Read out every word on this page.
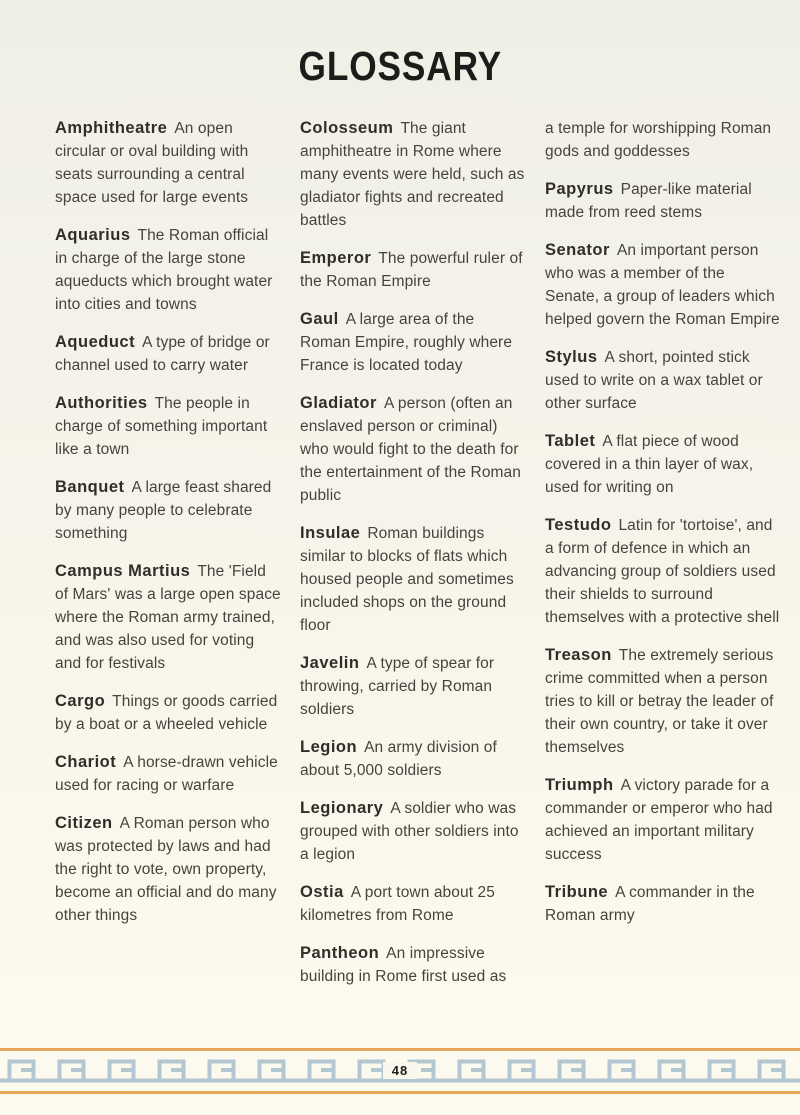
GLOSSARY

Amphitheatre An open circular or oval building with seats surrounding a central space used for large events

Aquarius The Roman official in charge of the large stone aqueducts which brought water into cities and towns

Aqueduct A type of bridge or channel used to carry water

Authorities The people in charge of something important like a town

Banquet A large feast shared by many people to celebrate something

Campus Martius The 'Field of Mars' was a large open space where the Roman army trained, and was also used for voting and for festivals

Cargo Things or goods carried by a boat or a wheeled vehicle

Chariot A horse-drawn vehicle used for racing or warfare

Citizen A Roman person who was protected by laws and had the right to vote, own property, become an official and do many other things

Colosseum The giant amphitheatre in Rome where many events were held, such as gladiator fights and recreated battles

Emperor The powerful ruler of the Roman Empire

Gaul A large area of the Roman Empire, roughly where France is located today

Gladiator A person (often an enslaved person or criminal) who would fight to the death for the entertainment of the Roman public

Insulae Roman buildings similar to blocks of flats which housed people and sometimes included shops on the ground floor

Javelin A type of spear for throwing, carried by Roman soldiers

Legion An army division of about 5,000 soldiers

Legionary A soldier who was grouped with other soldiers into a legion

Ostia A port town about 25 kilometres from Rome

Pantheon An impressive building in Rome first used as

a temple for worshipping Roman gods and goddesses

Papyrus Paper-like material made from reed stems

Senator An important person who was a member of the Senate, a group of leaders which helped govern the Roman Empire

Stylus A short, pointed stick used to write on a wax tablet or other surface

Tablet A flat piece of wood covered in a thin layer of wax, used for writing on

Testudo Latin for 'tortoise', and a form of defence in which an advancing group of soldiers used their shields to surround themselves with a protective shell

Treason The extremely serious crime committed when a person tries to kill or betray the leader of their own country, or take it over themselves

Triumph A victory parade for a commander or emperor who had achieved an important military success

Tribune A commander in the Roman army

48
